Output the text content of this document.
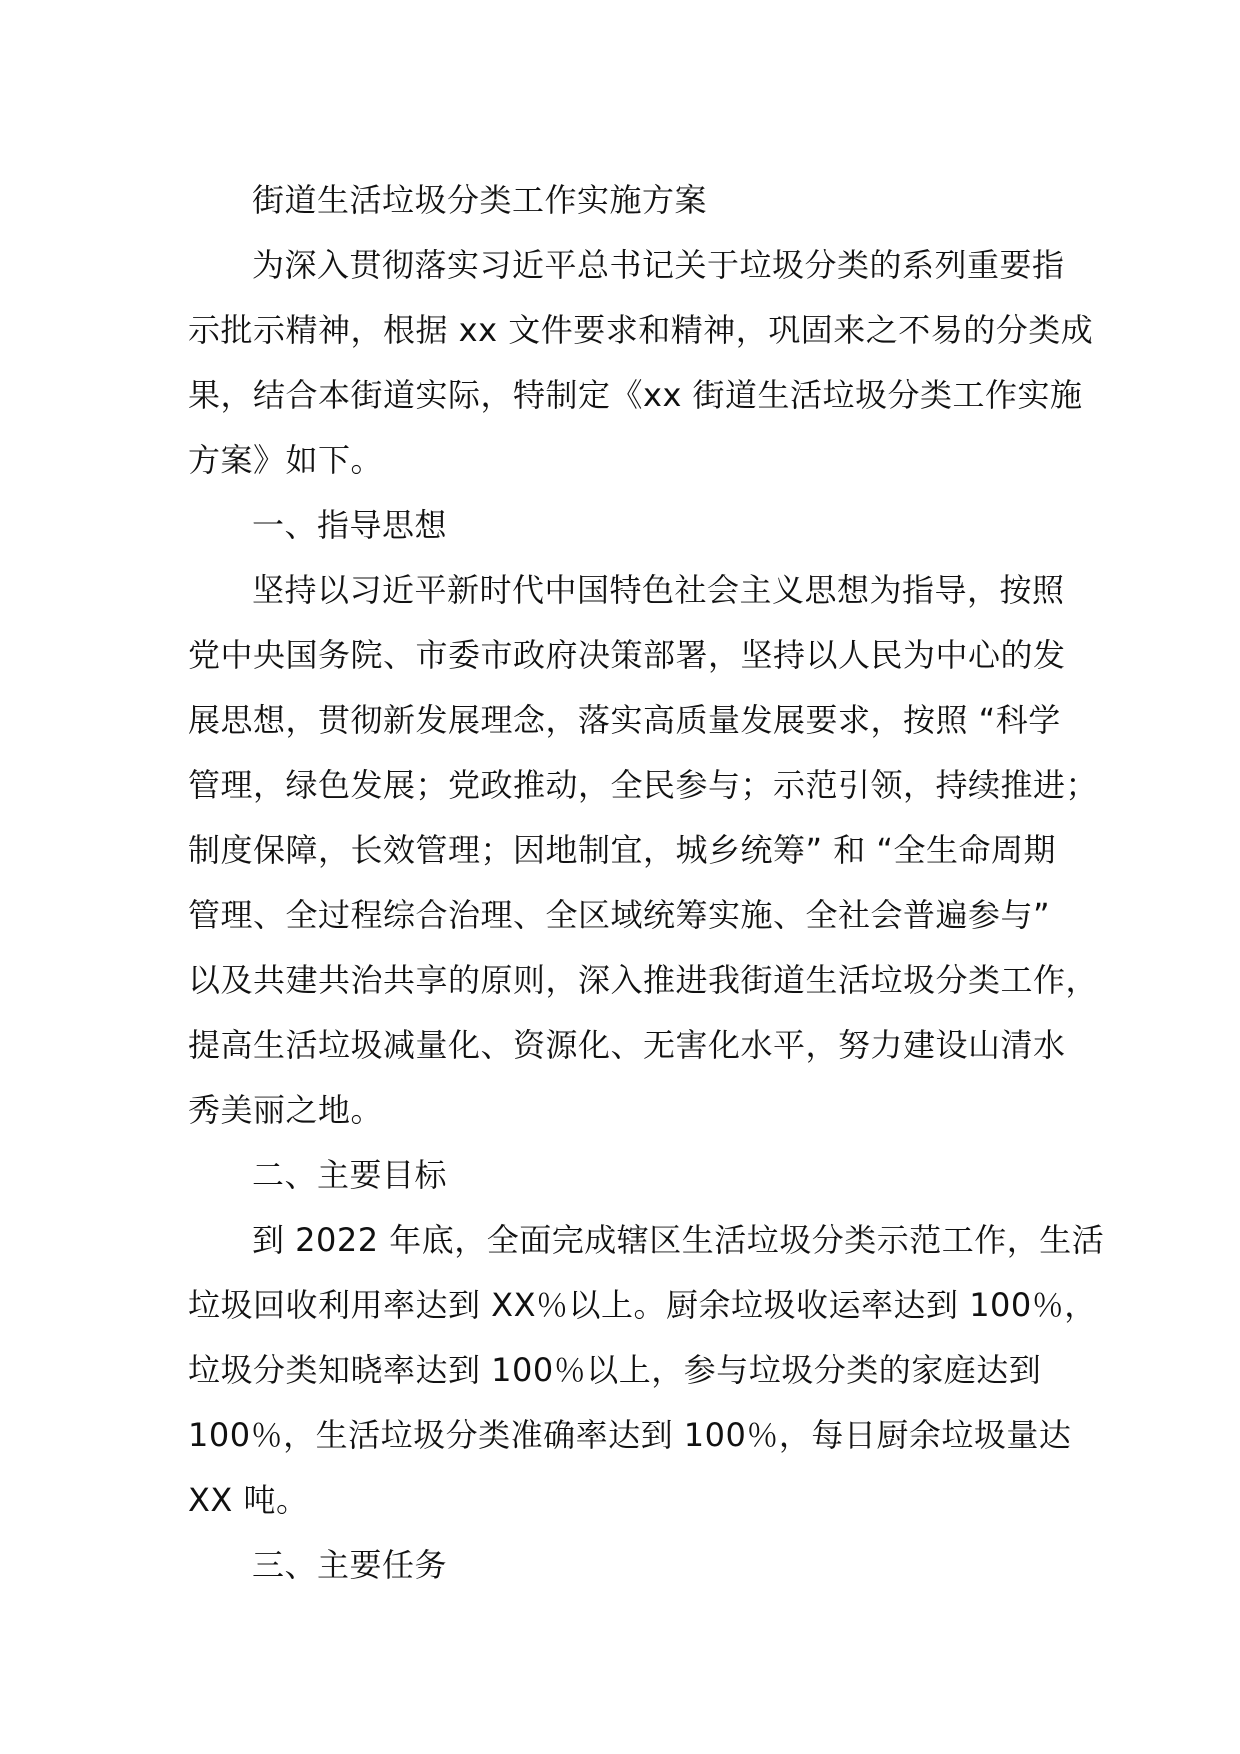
街道生活垃圾分类工作实施方案
为深入贯彻落实习近平总书记关于垃圾分类的系列重要指
示批示精神，根据 xx 文件要求和精神，巩固来之不易的分类成
果，结合本街道实际，特制定《xx 街道生活垃圾分类工作实施
方案》如下。
一、指导思想
坚持以习近平新时代中国特色社会主义思想为指导，按照
党中央国务院、市委市政府决策部署，坚持以人民为中心的发
展思想，贯彻新发展理念，落实高质量发展要求，按照 “科学
管理，绿色发展；党政推动，全民参与；示范引领，持续推进；
制度保障，长效管理；因地制宜，城乡统筹” 和 “全生命周期
管理、全过程综合治理、全区域统筹实施、全社会普遍参与”
以及共建共治共享的原则，深入推进我街道生活垃圾分类工作，
提高生活垃圾减量化、资源化、无害化水平，努力建设山清水
秀美丽之地。
二、主要目标
到 2022 年底，全面完成辖区生活垃圾分类示范工作，生活
垃圾回收利用率达到 XX％以上。厨余垃圾收运率达到 100％，
垃圾分类知晓率达到 100％以上，参与垃圾分类的家庭达到
100％，生活垃圾分类准确率达到 100％，每日厨余垃圾量达
XX 吨。
三、主要任务
